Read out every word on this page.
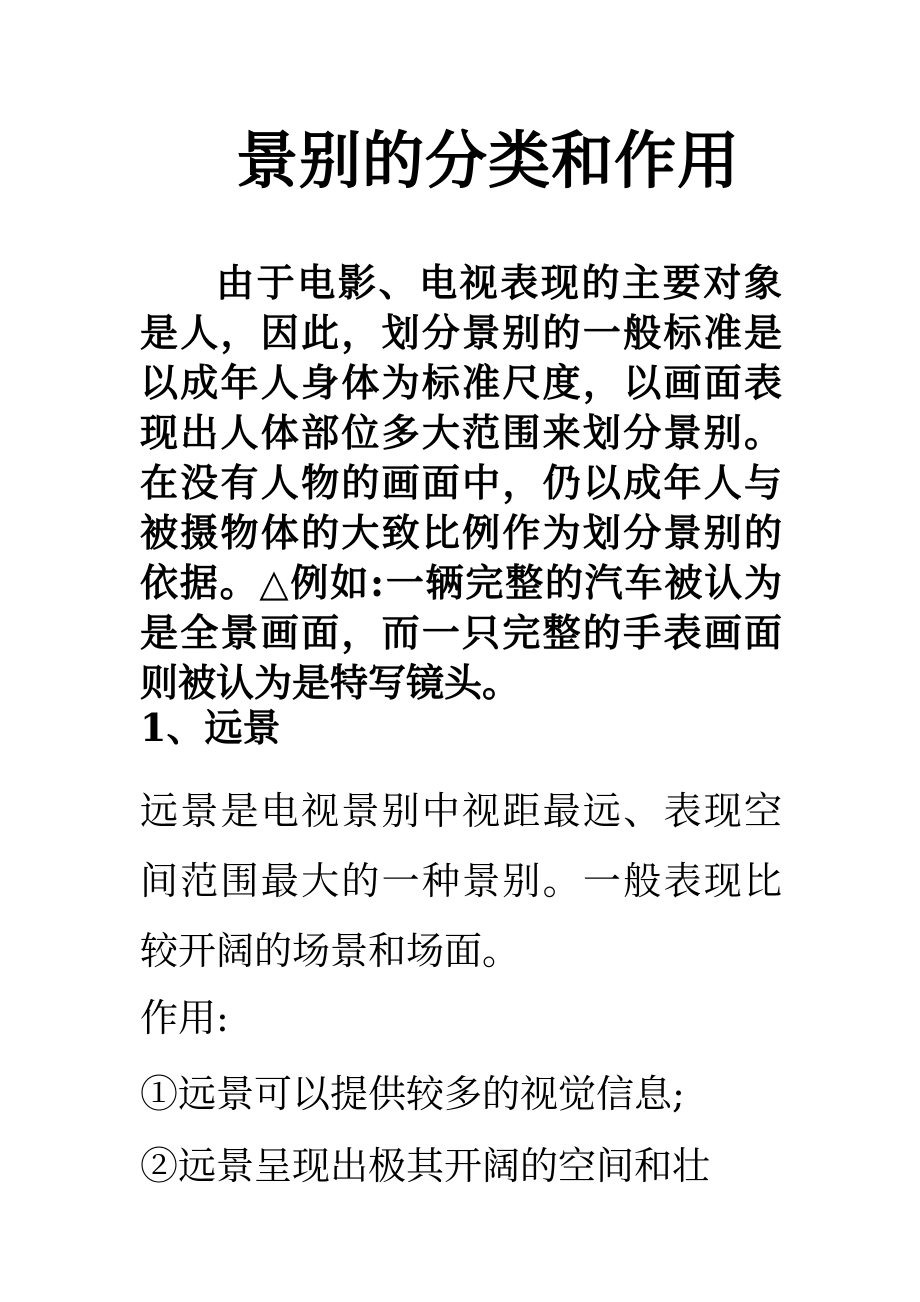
景别的分类和作用

由于电影、电视表现的主要对象是人，因此，划分景别的一般标准是以成年人身体为标准尺度，以画面表现出人体部位多大范围来划分景别。在没有人物的画面中，仍以成年人与被摄物体的大致比例作为划分景别的依据。△例如:一辆完整的汽车被认为是全景画面，而一只完整的手表画面则被认为是特写镜头。

1、远景

远景是电视景别中视距最远、表现空间范围最大的一种景别。一般表现比较开阔的场景和场面。

作用:

①远景可以提供较多的视觉信息;
②远景呈现出极其开阔的空间和壮
